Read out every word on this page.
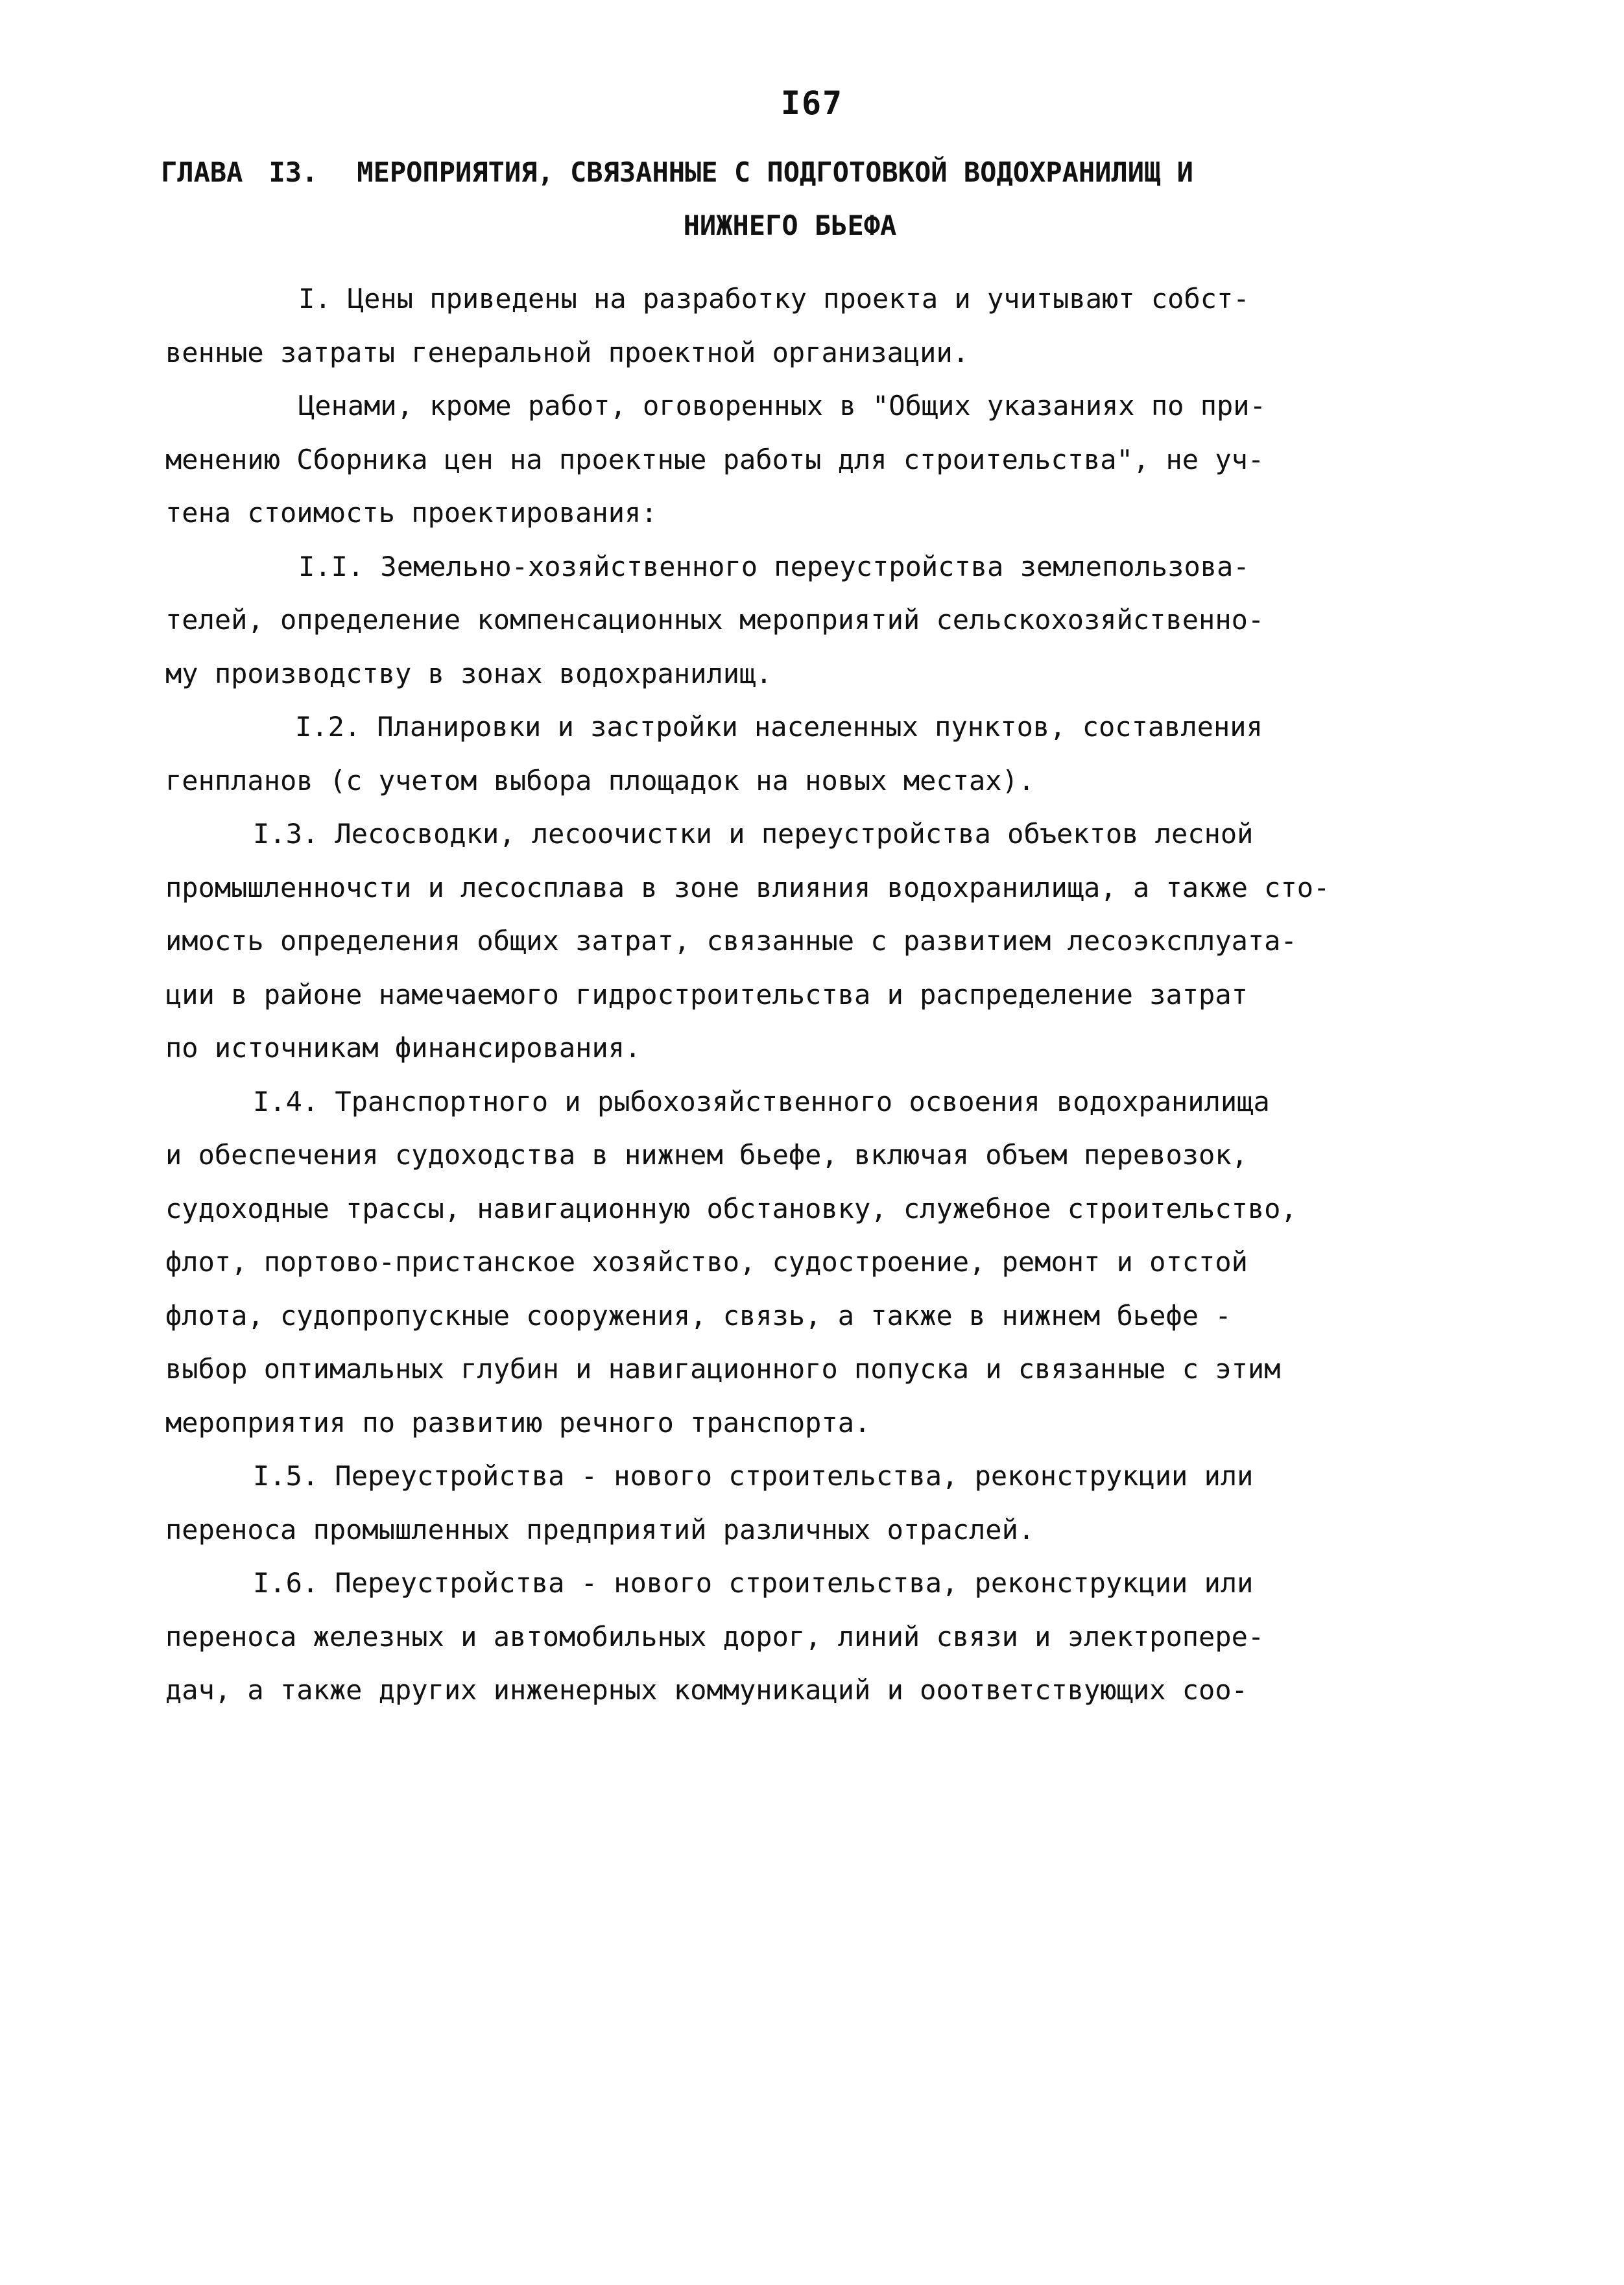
I67
ГЛАВА I3. МЕРОПРИЯТИЯ, СВЯЗАННЫЕ С ПОДГОТОВКОЙ ВОДОХРАНИЛИЩ И
НИЖНЕГО БЬЕФА
I. Цены приведены на разработку проекта и учитывают собст-
венные затраты генеральной проектной организации.
Ценами, кроме работ, оговоренных в "Общих указаниях по при-
менению Сборника цен на проектные работы для строительства", не уч-
тена стоимость проектирования:
I.I. Земельно-хозяйственного переустройства землепользова-
телей, определение компенсационных мероприятий сельскохозяйственно-
му производству в зонах водохранилищ.
I.2. Планировки и застройки населенных пунктов, составления
генпланов (с учетом выбора площадок на новых местах).
I.3. Лесосводки, лесоочистки и переустройства объектов лесной
промышленночсти и лесосплава в зоне влияния водохранилища, а также сто-
имость определения общих затрат, связанные с развитием лесоэксплуата-
ции в районе намечаемого гидростроительства и распределение затрат
по источникам финансирования.
I.4. Транспортного и рыбохозяйственного освоения водохранилища
и обеспечения судоходства в нижнем бьефе, включая объем перевозок,
судоходные трассы, навигационную обстановку, служебное строительство,
флот, портово-пристанское хозяйство, судостроение, ремонт и отстой
флота, судопропускные сооружения, связь, а также в нижнем бьефе -
выбор оптимальных глубин и навигационного попуска и связанные с этим
мероприятия по развитию речного транспорта.
I.5. Переустройства - нового строительства, реконструкции или
переноса промышленных предприятий различных отраслей.
I.6. Переустройства - нового строительства, реконструкции или
переноса железных и автомобильных дорог, линий связи и электропере-
дач, а также других инженерных коммуникаций и ооответствующих соо-
